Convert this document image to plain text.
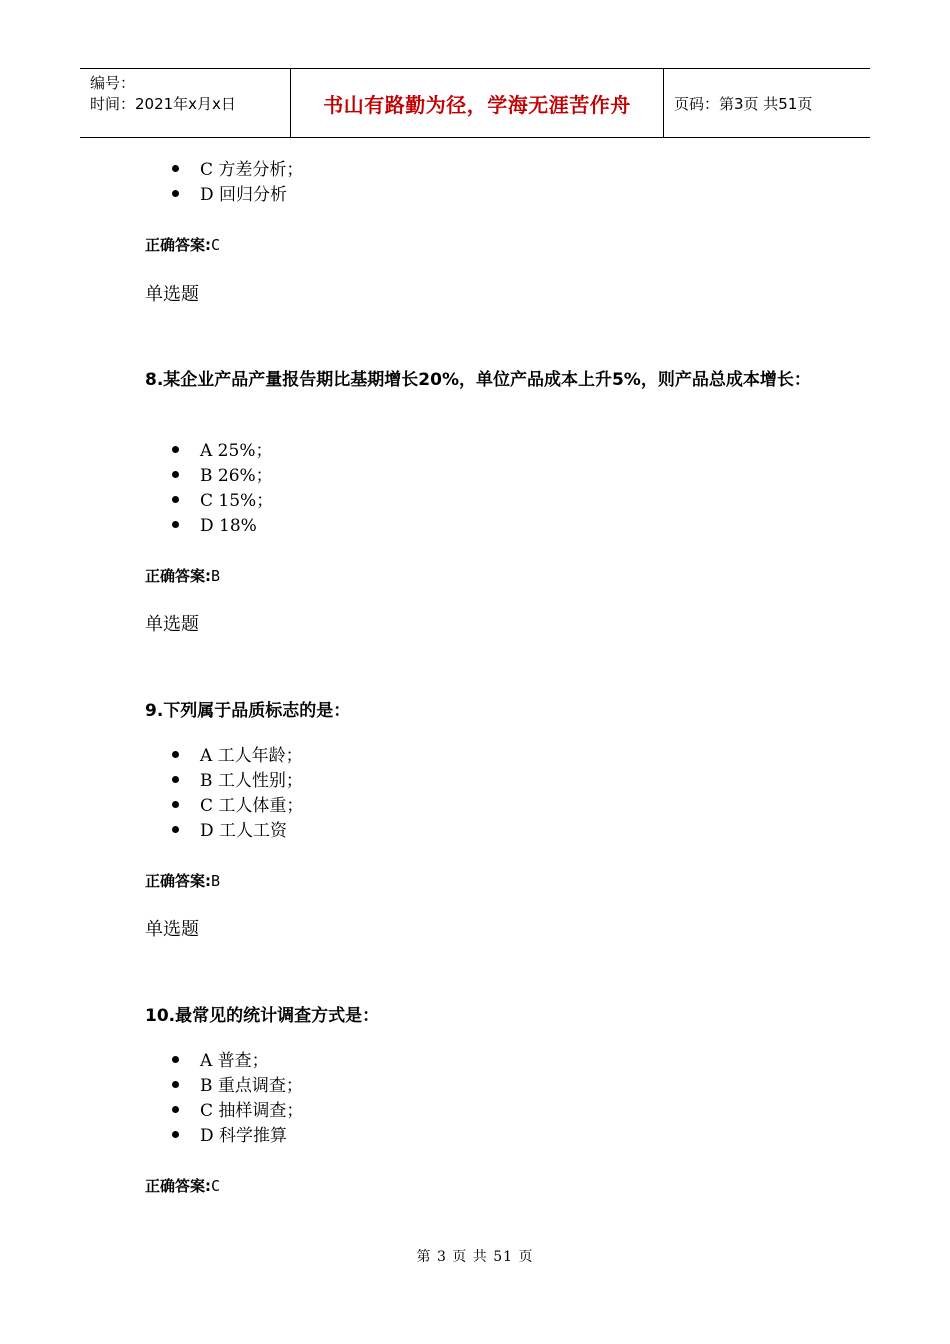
编号：
时间：2021年x月x日	书山有路勤为径，学海无涯苦作舟	页码：第3页 共51页
C 方差分析；
D 回归分析
正确答案:C
单选题
8.某企业产品产量报告期比基期增长20%，单位产品成本上升5%，则产品总成本增长：
A 25%；
B 26%；
C 15%；
D 18%
正确答案:B
单选题
9.下列属于品质标志的是：
A 工人年龄；
B 工人性别；
C 工人体重；
D 工人工资
正确答案:B
单选题
10.最常见的统计调查方式是：
A 普查；
B 重点调查；
C 抽样调查；
D 科学推算
正确答案:C
第 3 页 共 51 页
